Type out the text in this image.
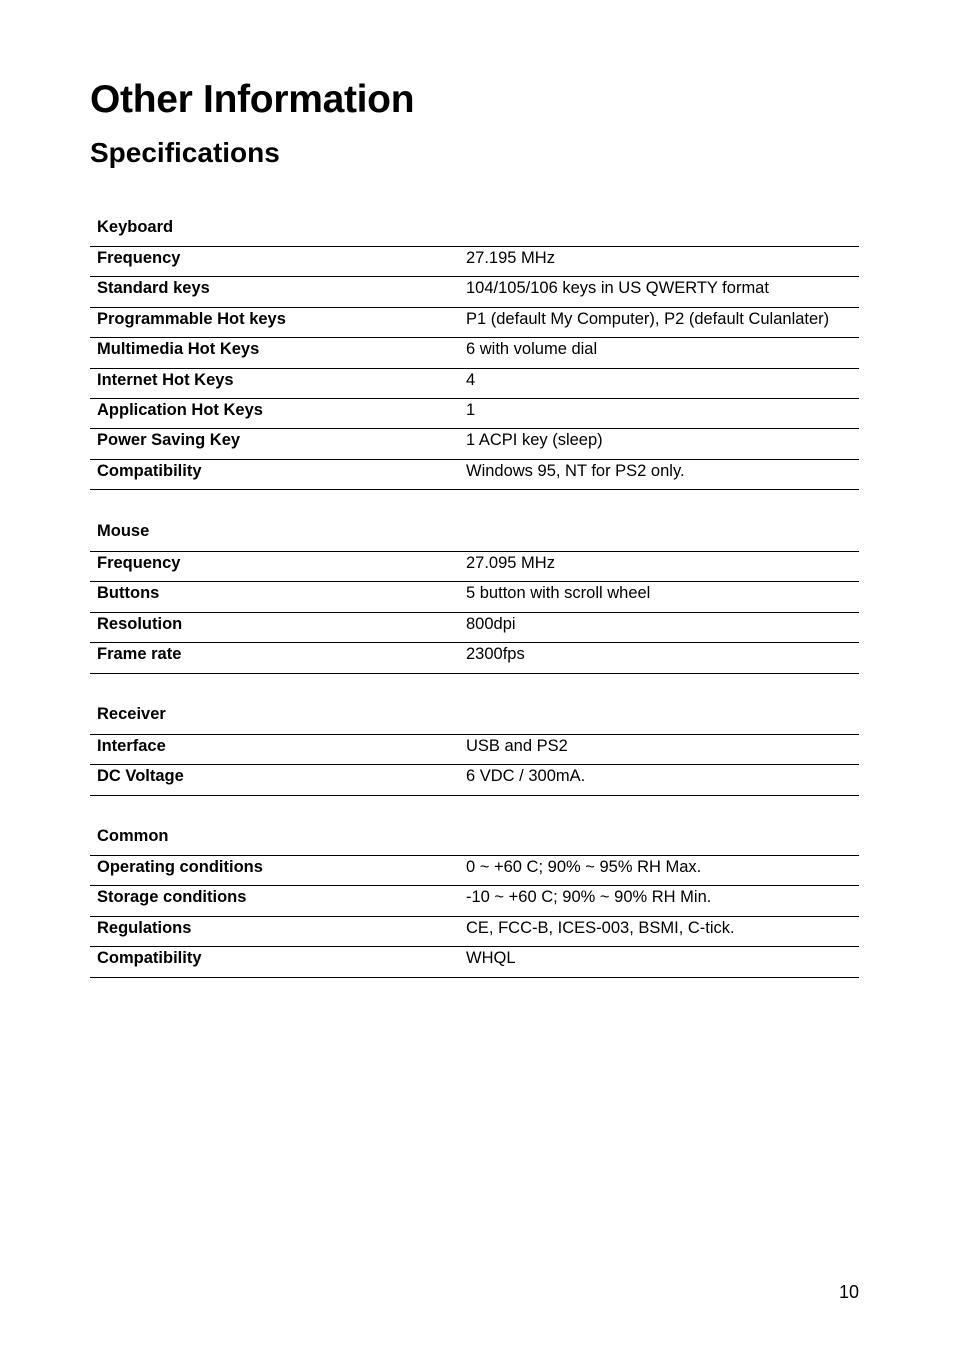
Other Information
Specifications
Keyboard
Frequency	27.195 MHz
Standard keys	104/105/106 keys in US QWERTY format
Programmable Hot keys	P1 (default My Computer), P2 (default Culanlater)
Multimedia Hot Keys	6 with volume dial
Internet Hot Keys	4
Application Hot Keys	1
Power Saving Key	1 ACPI key (sleep)
Compatibility	Windows 95, NT for PS2 only.
Mouse
Frequency	27.095 MHz
Buttons	5 button with scroll wheel
Resolution	800dpi
Frame rate	2300fps
Receiver
Interface	USB and PS2
DC Voltage	6 VDC / 300mA.
Common
Operating conditions	0 ~ +60 C; 90% ~ 95% RH Max.
Storage conditions	-10 ~ +60 C; 90% ~ 90% RH Min.
Regulations	CE, FCC-B, ICES-003, BSMI, C-tick.
Compatibility	WHQL
10
